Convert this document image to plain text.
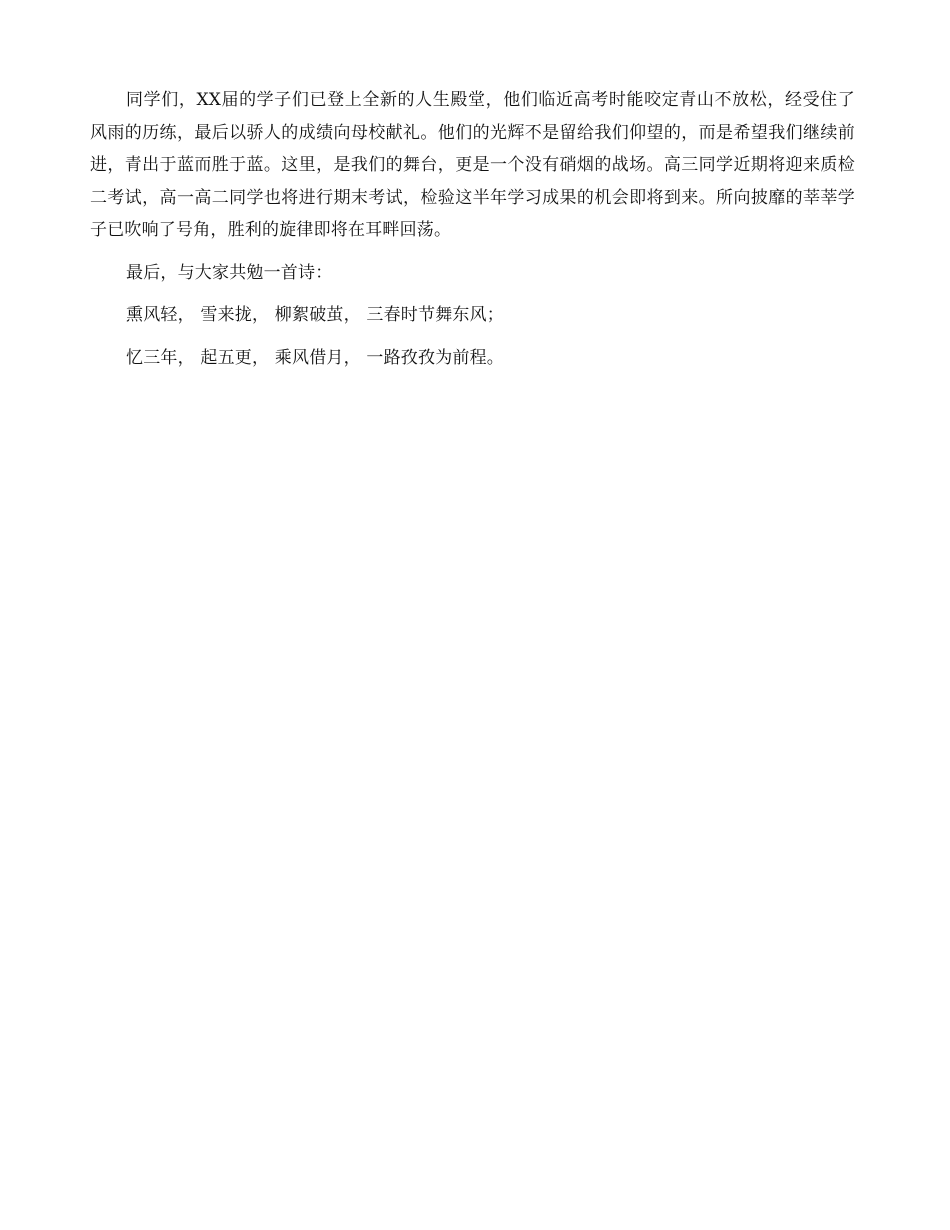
同学们，XX届的学子们已登上全新的人生殿堂，他们临近高考时能咬定青山不放松，经受住了风雨的历练，最后以骄人的成绩向母校献礼。他们的光辉不是留给我们仰望的，而是希望我们继续前进，青出于蓝而胜于蓝。这里，是我们的舞台，更是一个没有硝烟的战场。高三同学近期将迎来质检二考试，高一高二同学也将进行期末考试，检验这半年学习成果的机会即将到来。所向披靡的莘莘学子已吹响了号角，胜利的旋律即将在耳畔回荡。

最后，与大家共勉一首诗：

熏风轻， 雪来拢， 柳絮破茧， 三春时节舞东风；

忆三年， 起五更， 乘风借月， 一路孜孜为前程。
